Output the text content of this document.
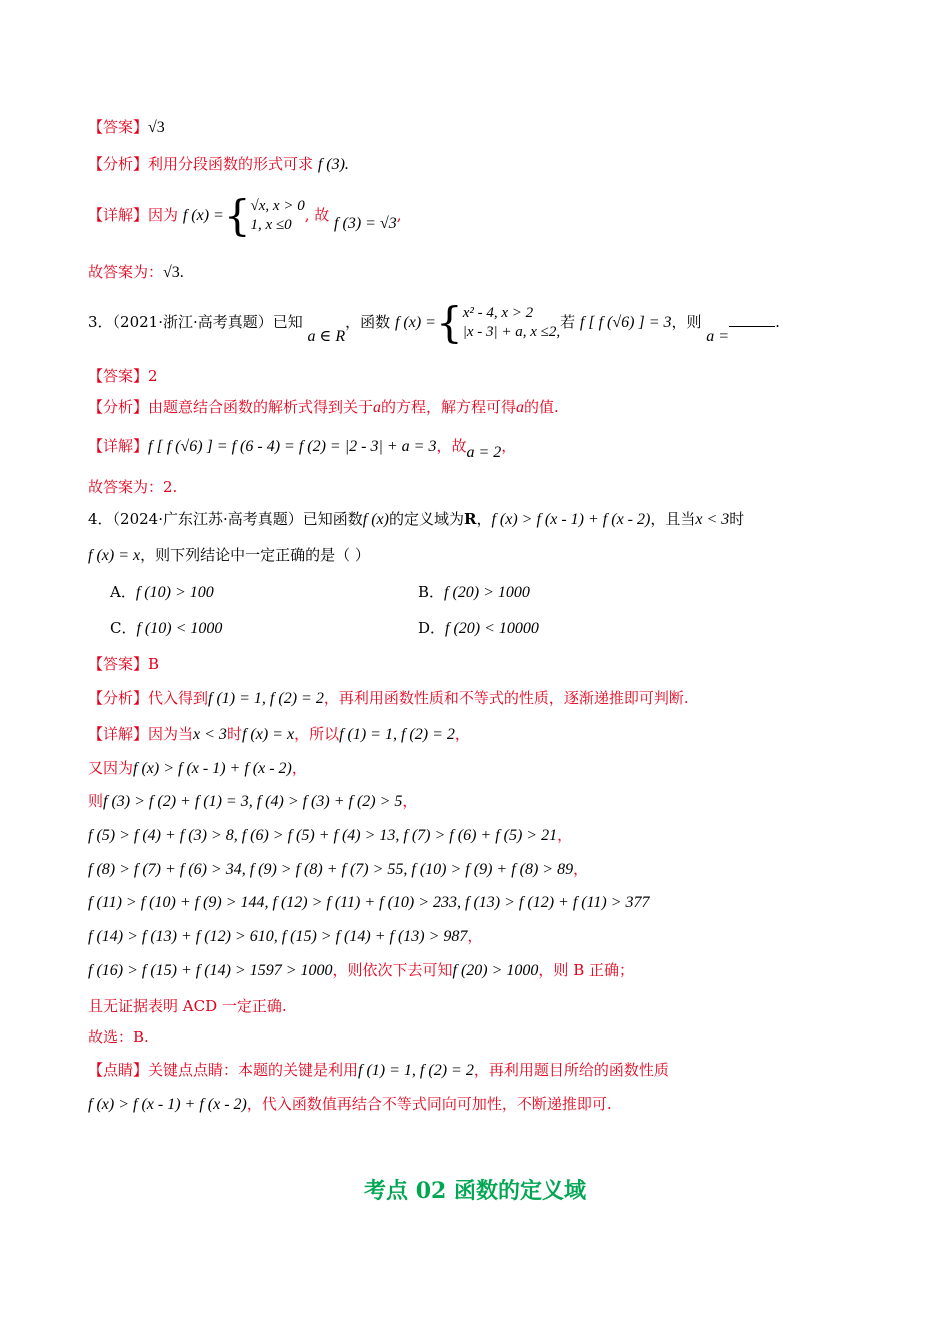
【答案】√3
【分析】利用分段函数的形式可求 f (3).
【详解】因为 f (x) ={√x, x > 0
1, x ≤0, 故 f (3) = √3,
故答案为：√3.
3．（2021·浙江·高考真题）已知 a ∈ R，函数 f (x) ={x² - 4, x > 2
|x - 3| + a, x ≤2,若 f [ f (√6) ] = 3，则 a =.
【答案】2
【分析】由题意结合函数的解析式得到关于a的方程，解方程可得a的值.
【详解】f [ f (√6) ] = f (6 - 4) = f (2) = |2 - 3| + a = 3，故a = 2，
故答案为：2.
4．（2024·广东江苏·高考真题）已知函数f (x)的定义域为R，f (x) > f (x - 1) + f (x - 2)，且当x < 3时
f (x) = x，则下列结论中一定正确的是（ ）
A．f (10) > 100	B．f (20) > 1000
C．f (10) < 1000	D．f (20) < 10000
【答案】B
【分析】代入得到f (1) = 1, f (2) = 2，再利用函数性质和不等式的性质，逐渐递推即可判断.
【详解】因为当x < 3时f (x) = x，所以f (1) = 1, f (2) = 2，
又因为f (x) > f (x - 1) + f (x - 2)，
则f (3) > f (2) + f (1) = 3, f (4) > f (3) + f (2) > 5，
f (5) > f (4) + f (3) > 8, f (6) > f (5) + f (4) > 13, f (7) > f (6) + f (5) > 21，
f (8) > f (7) + f (6) > 34, f (9) > f (8) + f (7) > 55, f (10) > f (9) + f (8) > 89，
f (11) > f (10) + f (9) > 144, f (12) > f (11) + f (10) > 233, f (13) > f (12) + f (11) > 377
f (14) > f (13) + f (12) > 610, f (15) > f (14) + f (13) > 987，
f (16) > f (15) + f (14) > 1597 > 1000，则依次下去可知f (20) > 1000，则 B 正确；
且无证据表明 ACD 一定正确.
故选：B.
【点睛】关键点点睛：本题的关键是利用f (1) = 1, f (2) = 2，再利用题目所给的函数性质
f (x) > f (x - 1) + f (x - 2)，代入函数值再结合不等式同向可加性，不断递推即可.
考点 02 函数的定义域
